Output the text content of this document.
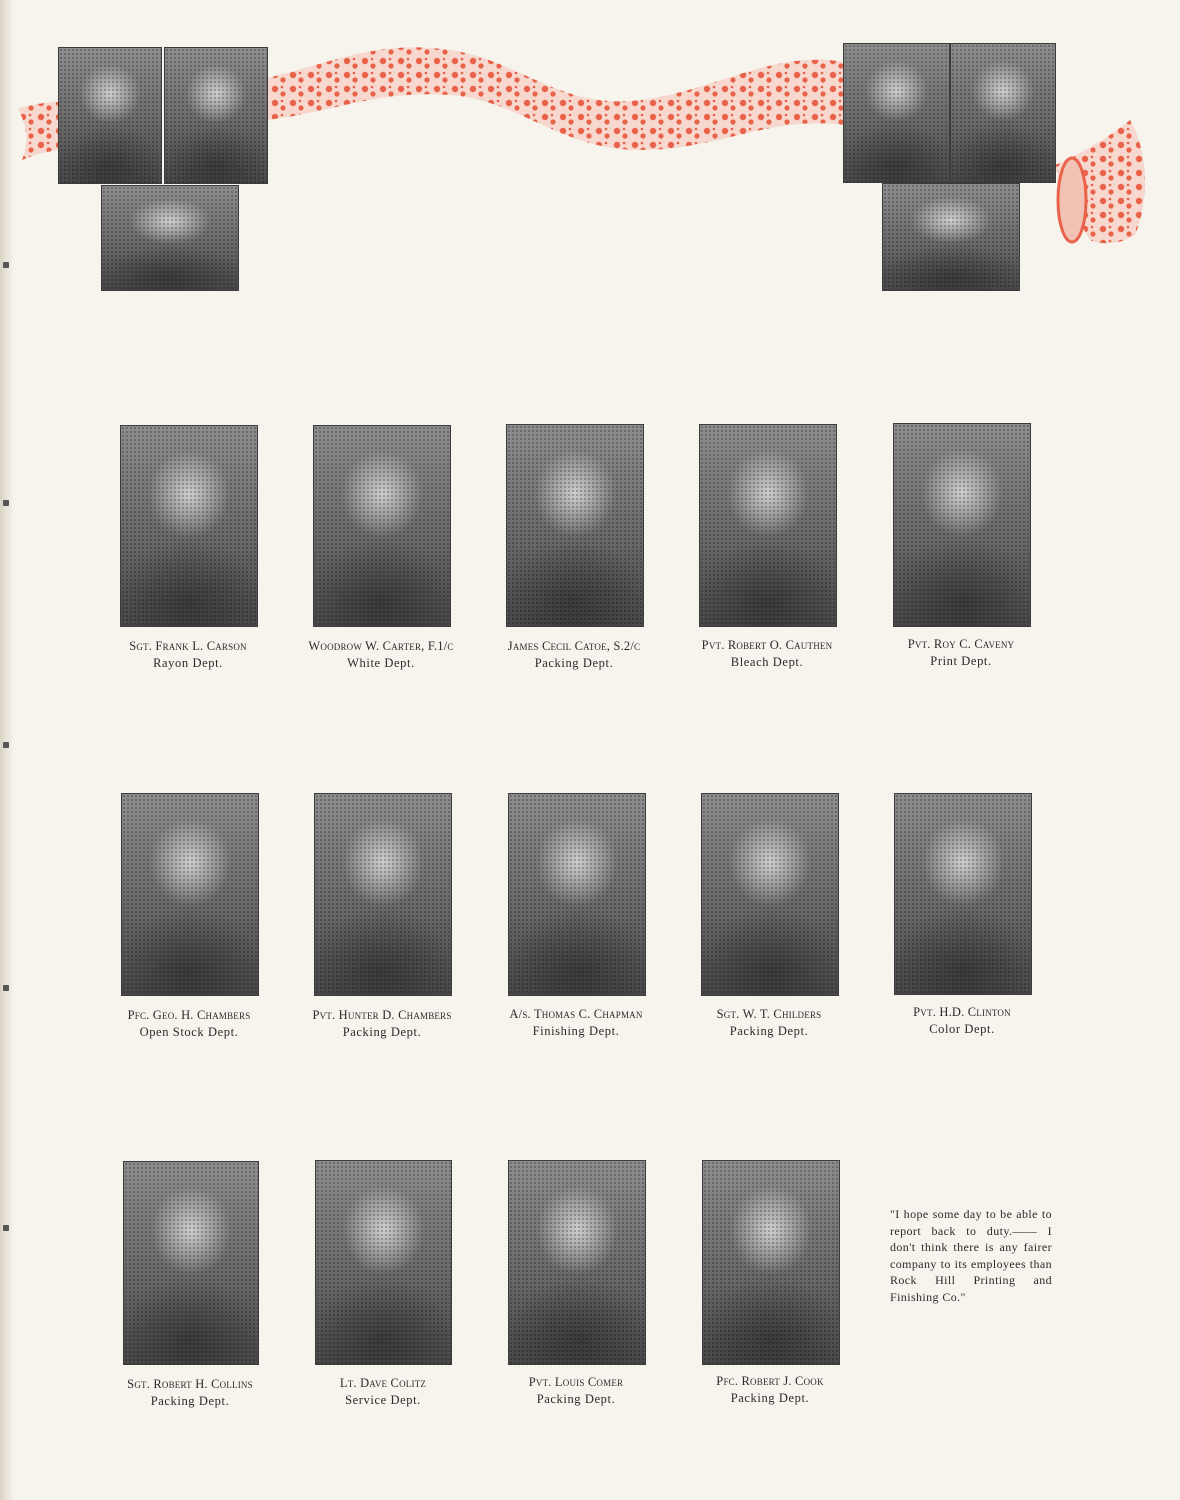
Sgt. Frank L. Carson
Rayon Dept.
Woodrow W. Carter, F.1/c
White Dept.
James Cecil Catoe, S.2/c
Packing Dept.
Pvt. Robert O. Cauthen
Bleach Dept.
Pvt. Roy C. Caveny
Print Dept.
Pfc. Geo. H. Chambers
Open Stock Dept.
Pvt. Hunter D. Chambers
Packing Dept.
A/s. Thomas C. Chapman
Finishing Dept.
Sgt. W. T. Childers
Packing Dept.
Pvt. H.D. Clinton
Color Dept.
Sgt. Robert H. Collins
Packing Dept.
Lt. Dave Colitz
Service Dept.
Pvt. Louis Comer
Packing Dept.
Pfc. Robert J. Cook
Packing Dept.
"I hope some day to be able to report back to duty.—— I don't think there is any fairer company to its employees than Rock Hill Printing and Finishing Co."
